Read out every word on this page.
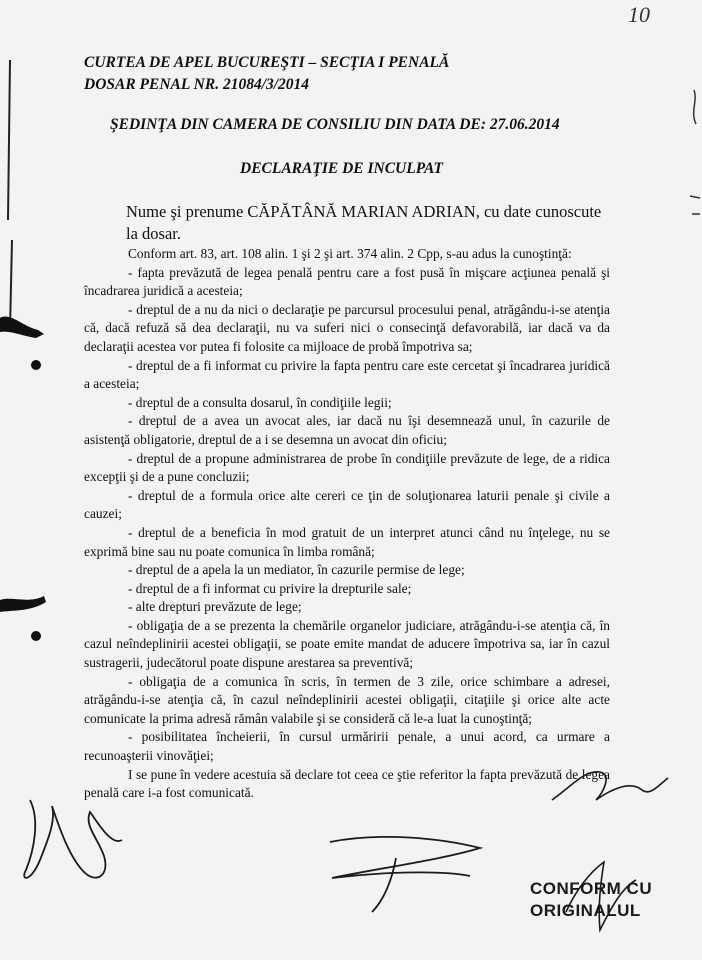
10
CURTEA DE APEL BUCUREŞTI – SECŢIA I PENALĂ
DOSAR PENAL NR. 21084/3/2014
ŞEDINŢA DIN CAMERA DE CONSILIU DIN DATA DE: 27.06.2014
DECLARAŢIE DE INCULPAT
Nume şi prenume CĂPĂTÂNĂ MARIAN ADRIAN, cu date cunoscute la dosar.

Conform art. 83, art. 108 alin. 1 şi 2 şi art. 374 alin. 2 Cpp, s-au adus la cunoştinţă:

- fapta prevăzută de legea penală pentru care a fost pusă în mişcare acţiunea penală şi încadrarea juridică a acesteia;

- dreptul de a nu da nici o declaraţie pe parcursul procesului penal, atrăgându-i-se atenţia că, dacă refuză să dea declaraţii, nu va suferi nici o consecinţă defavorabilă, iar dacă va da declaraţii acestea vor putea fi folosite ca mijloace de probă împotriva sa;

- dreptul de a fi informat cu privire la fapta pentru care este cercetat şi încadrarea juridică a acesteia;

- dreptul de a consulta dosarul, în condiţiile legii;

- dreptul de a avea un avocat ales, iar dacă nu îşi desemnează unul, în cazurile de asistenţă obligatorie, dreptul de a i se desemna un avocat din oficiu;

- dreptul de a propune administrarea de probe în condiţiile prevăzute de lege, de a ridica excepţii şi de a pune concluzii;

- dreptul de a formula orice alte cereri ce ţin de soluţionarea laturii penale şi civile a cauzei;

- dreptul de a beneficia în mod gratuit de un interpret atunci când nu înţelege, nu se exprimă bine sau nu poate comunica în limba română;

- dreptul de a apela la un mediator, în cazurile permise de lege;

- dreptul de a fi informat cu privire la drepturile sale;

- alte drepturi prevăzute de lege;

- obligaţia de a se prezenta la chemările organelor judiciare, atrăgându-i-se atenţia că, în cazul neîndeplinirii acestei obligaţii, se poate emite mandat de aducere împotriva sa, iar în cazul sustragerii, judecătorul poate dispune arestarea sa preventivă;

- obligaţia de a comunica în scris, în termen de 3 zile, orice schimbare a adresei, atrăgându-i-se atenţia că, în cazul neîndeplinirii acestei obligaţii, citaţiile şi orice alte acte comunicate la prima adresă rămân valabile şi se consideră că le-a luat la cunoştinţă;

- posibilitatea încheierii, în cursul urmăririi penale, a unui acord, ca urmare a recunoaşterii vinovăţiei;

I se pune în vedere acestuia să declare tot ceea ce ştie referitor la fapta prevăzută de legea penală care i-a fost comunicată.

CONFORM CU
ORIGINALUL
